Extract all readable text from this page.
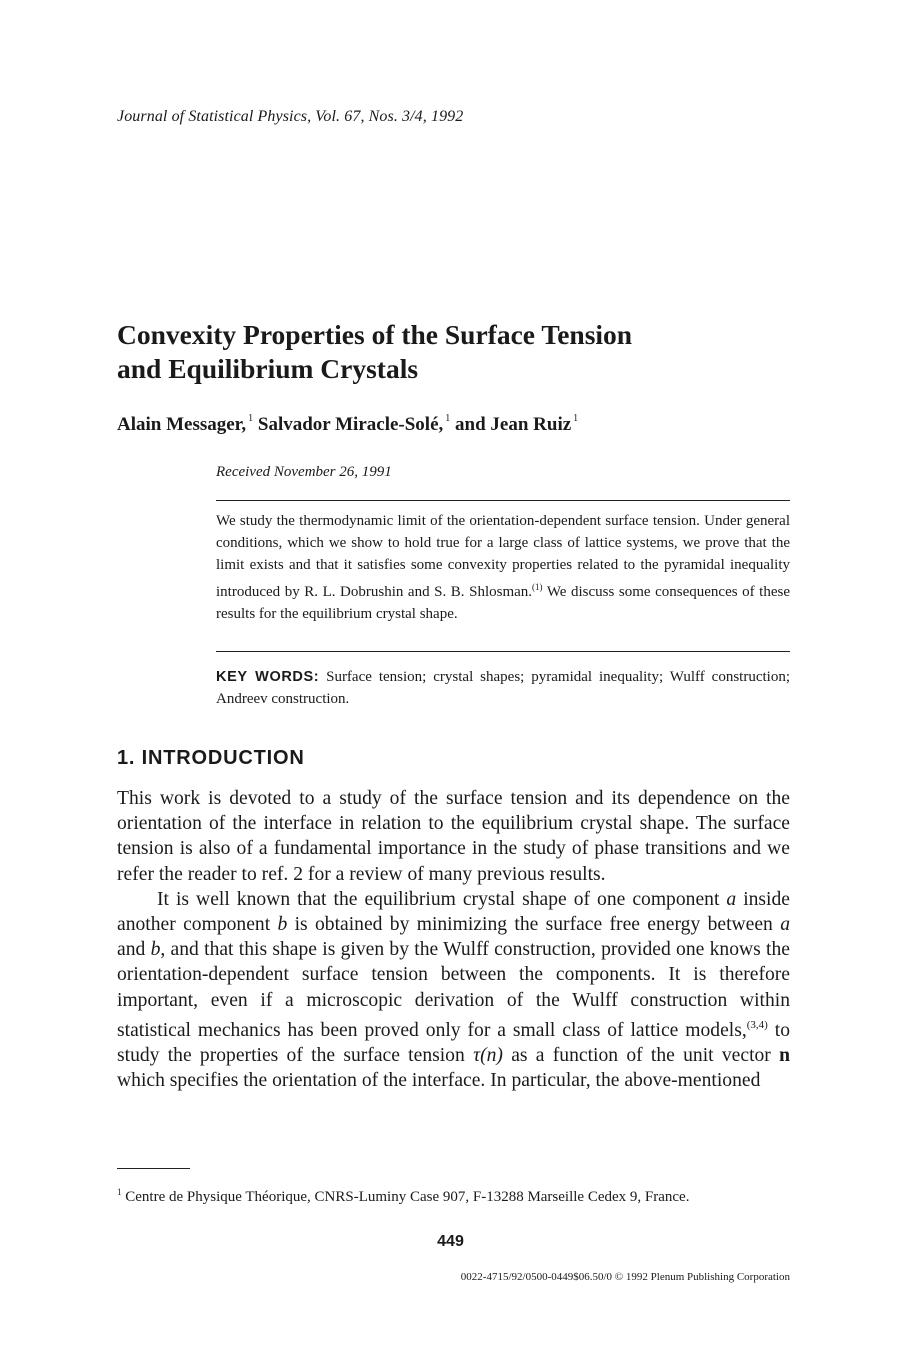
Journal of Statistical Physics, Vol. 67, Nos. 3/4, 1992
Convexity Properties of the Surface Tension
and Equilibrium Crystals
Alain Messager, $^1$ Salvador Miracle-Solé, $^1$ and Jean Ruiz $^1$
Received November 26, 1991
We study the thermodynamic limit of the orientation-dependent surface tension. Under general conditions, which we show to hold true for a large class of lattice systems, we prove that the limit exists and that it satisfies some convexity properties related to the pyramidal inequality introduced by R. L. Dobrushin and S. B. Shlosman.$^{(1)}$ We discuss some consequences of these results for the equilibrium crystal shape.
KEY WORDS: Surface tension; crystal shapes; pyramidal inequality; Wulff construction; Andreev construction.
1. INTRODUCTION

This work is devoted to a study of the surface tension and its dependence on the orientation of the interface in relation to the equilibrium crystal shape. The surface tension is also of a fundamental importance in the study of phase transitions and we refer the reader to ref. 2 for a review of many previous results.

It is well known that the equilibrium crystal shape of one component a inside another component b is obtained by minimizing the surface free energy between a and b, and that this shape is given by the Wulff construction, provided one knows the orientation-dependent surface tension between the components. It is therefore important, even if a microscopic derivation of the Wulff construction within statistical mechanics has been proved only for a small class of lattice models,$^{(3,4)}$ to study the properties of the surface tension τ(n) as a function of the unit vector n which specifies the orientation of the interface. In particular, the above-mentioned

$^1$ Centre de Physique Théorique, CNRS-Luminy Case 907, F-13288 Marseille Cedex 9, France.
449
0022-4715/92/0500-0449$06.50/0 © 1992 Plenum Publishing Corporation
